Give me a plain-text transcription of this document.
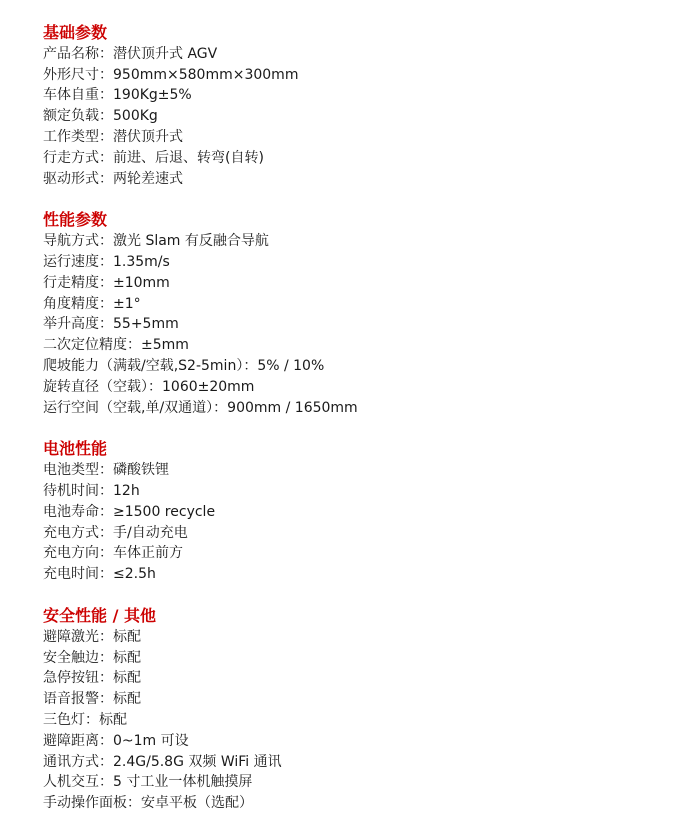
基础参数
产品名称：潜伏顶升式 AGV
外形尺寸：950mm×580mm×300mm
车体自重：190Kg±5%
额定负载：500Kg
工作类型：潜伏顶升式
行走方式：前进、后退、转弯(自转)
驱动形式：两轮差速式
性能参数
导航方式：激光 Slam 有反融合导航
运行速度：1.35m/s
行走精度：±10mm
角度精度：±1°
举升高度：55+5mm
二次定位精度：±5mm
爬坡能力（满载/空载,S2-5min）：5% / 10%
旋转直径（空载）：1060±20mm
运行空间（空载,单/双通道）：900mm / 1650mm
电池性能
电池类型：磷酸铁锂
待机时间：12h
电池寿命：≥1500 recycle
充电方式：手/自动充电
充电方向：车体正前方
充电时间：≤2.5h
安全性能 / 其他
避障激光：标配
安全触边：标配
急停按钮：标配
语音报警：标配
三色灯：标配
避障距离：0~1m 可设
通讯方式：2.4G/5.8G 双频 WiFi 通讯
人机交互：5 寸工业一体机触摸屏
手动操作面板：安卓平板（选配）
